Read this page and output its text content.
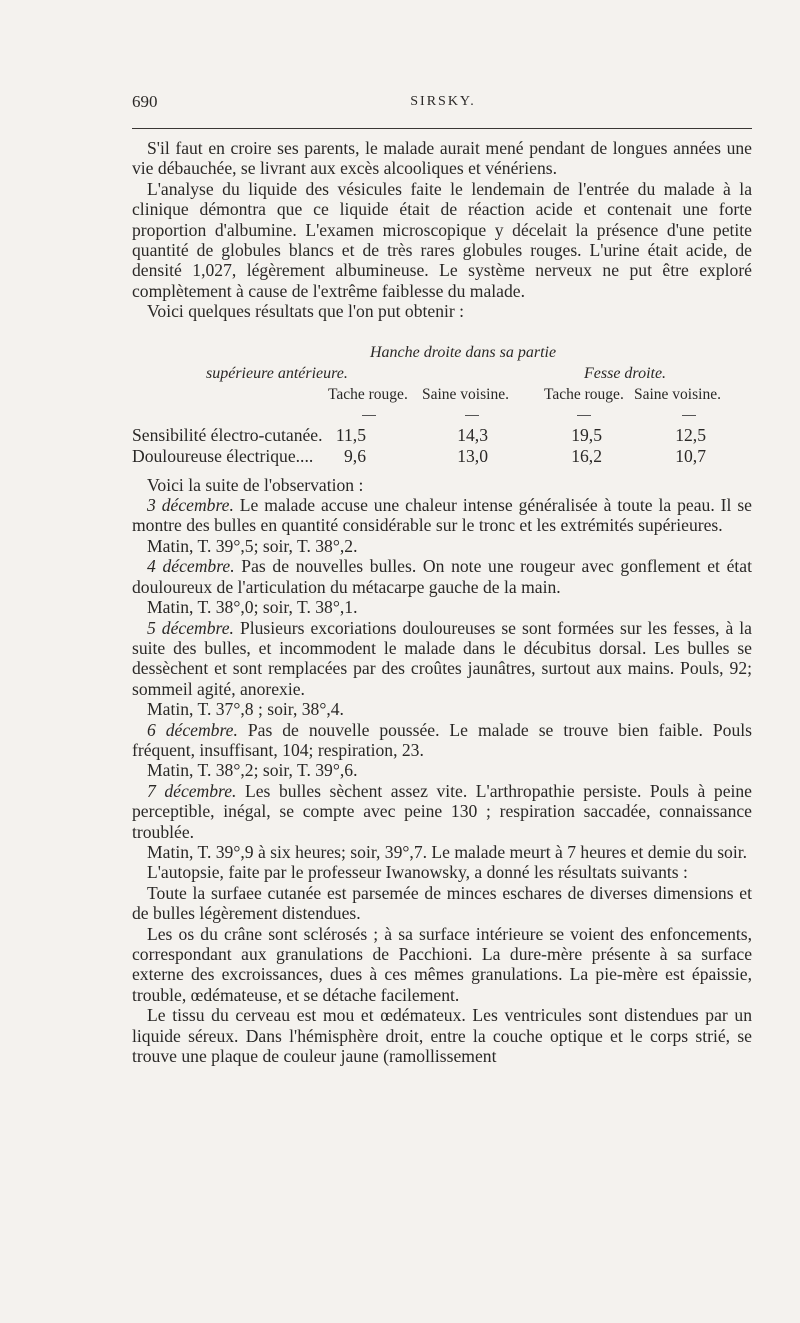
690	SIRSKY.

S'il faut en croire ses parents, le malade aurait mené pendant de longues années une vie débauchée, se livrant aux excès alcooliques et vénériens.

L'analyse du liquide des vésicules faite le lendemain de l'entrée du malade à la clinique démontra que ce liquide était de réaction acide et contenait une forte proportion d'albumine. L'examen microscopique y décelait la présence d'une petite quantité de globules blancs et de très rares globules rouges. L'urine était acide, de densité 1,027, légèrement albumineuse. Le système nerveux ne put être exploré complètement à cause de l'extrême faiblesse du malade.

Voici quelques résultats que l'on put obtenir :

Hanche droite dans sa partie
supérieure antérieure.	Fesse droite.
Tache rouge. Saine voisine. Tache rouge. Saine voisine.
Sensibilité électro-cutanée. 11,5	14,3	19,5	12,5
Douloureuse électrique....	9,6	13,0	16,2	10,7

Voici la suite de l'observation :

3 décembre. Le malade accuse une chaleur intense généralisée à toute la peau. Il se montre des bulles en quantité considérable sur le tronc et les extrémités supérieures.

Matin, T. 39°,5; soir, T. 38°,2.

4 décembre. Pas de nouvelles bulles. On note une rougeur avec gonflement et état douloureux de l'articulation du métacarpe gauche de la main.

Matin, T. 38°,0; soir, T. 38°,1.

5 décembre. Plusieurs excoriations douloureuses se sont formées sur les fesses, à la suite des bulles, et incommodent le malade dans le décubitus dorsal. Les bulles se dessèchent et sont remplacées par des croûtes jaunâtres, surtout aux mains. Pouls, 92; sommeil agité, anorexie.

Matin, T. 37°,8 ; soir, 38°,4.

6 décembre. Pas de nouvelle poussée. Le malade se trouve bien faible. Pouls fréquent, insuffisant, 104; respiration, 23.

Matin, T. 38°,2; soir, T. 39°,6.

7 décembre. Les bulles sèchent assez vite. L'arthropathie persiste. Pouls à peine perceptible, inégal, se compte avec peine 130 ; respiration saccadée, connaissance troublée.

Matin, T. 39°,9 à six heures; soir, 39°,7. Le malade meurt à 7 heures et demie du soir.

L'autopsie, faite par le professeur Iwanowsky, a donné les résultats suivants :

Toute la surfaee cutanée est parsemée de minces eschares de diverses dimensions et de bulles légèrement distendues.

Les os du crâne sont sclérosés ; à sa surface intérieure se voient des enfoncements, correspondant aux granulations de Pacchioni. La dure-mère présente à sa surface externe des excroissances, dues à ces mêmes granulations. La pie-mère est épaissie, trouble, œdémateuse, et se détache facilement.

Le tissu du cerveau est mou et œdémateux. Les ventricules sont distendues par un liquide séreux. Dans l'hémisphère droit, entre la couche optique et le corps strié, se trouve une plaque de couleur jaune (ramollissement
